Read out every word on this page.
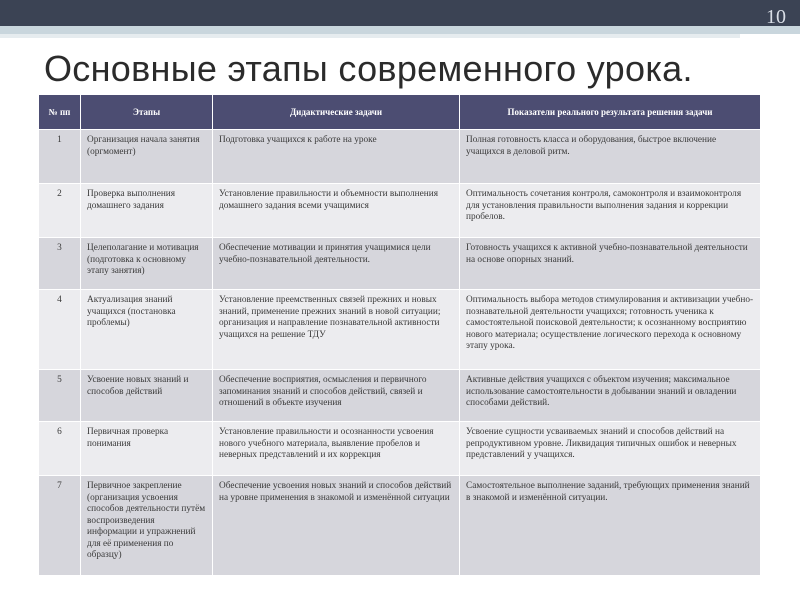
10
Основные этапы современного урока.
№ пп	Этапы	Дидактические задачи	Показатели реального результата решения задачи
1	Организация начала занятия (оргмомент)	Подготовка учащихся к работе на уроке	Полная готовность класса и оборудования, быстрое включение учащихся в деловой ритм.
2	Проверка выполнения домашнего задания	Установление правильности и объемности выполнения домашнего задания всеми учащимися	Оптимальность сочетания контроля, самоконтроля и взаимоконтроля для установления правильности выполнения задания и коррекции пробелов.
3	Целеполагание и мотивация (подготовка к основному этапу занятия)	Обеспечение мотивации и принятия учащимися цели учебно-познавательной деятельности.	Готовность учащихся к активной учебно-познавательной деятельности на основе опорных знаний.
4	Актуализация знаний учащихся (постановка проблемы)	Установление преемственных связей прежних и новых знаний, применение прежних знаний в новой ситуации; организация и направление познавательной активности учащихся на решение ТДУ	Оптимальность выбора методов стимулирования и активизации учебно-познавательной деятельности учащихся; готовность ученика к самостоятельной поисковой деятельности; к осознанному восприятию нового материала; осуществление логического перехода к основному этапу урока.
5	Усвоение новых знаний и способов действий	Обеспечение восприятия, осмысления и первичного запоминания знаний и способов действий, связей и отношений в объекте изучения	Активные действия учащихся с объектом изучения; максимальное использование самостоятельности в добывании знаний и овладении способами действий.
6	Первичная проверка понимания	Установление правильности и осознанности усвоения нового учебного материала, выявление пробелов и неверных представлений и их коррекция	Усвоение сущности усваиваемых знаний и способов действий на репродуктивном уровне. Ликвидация типичных ошибок и неверных представлений у учащихся.
7	Первичное закрепление (организация усвоения способов деятельности путём воспроизведения информации и упражнений для её применения по образцу)	Обеспечение усвоения новых знаний и способов действий на уровне применения в знакомой и изменённой ситуации	Самостоятельное выполнение заданий, требующих применения знаний в знакомой и изменённой ситуации.
